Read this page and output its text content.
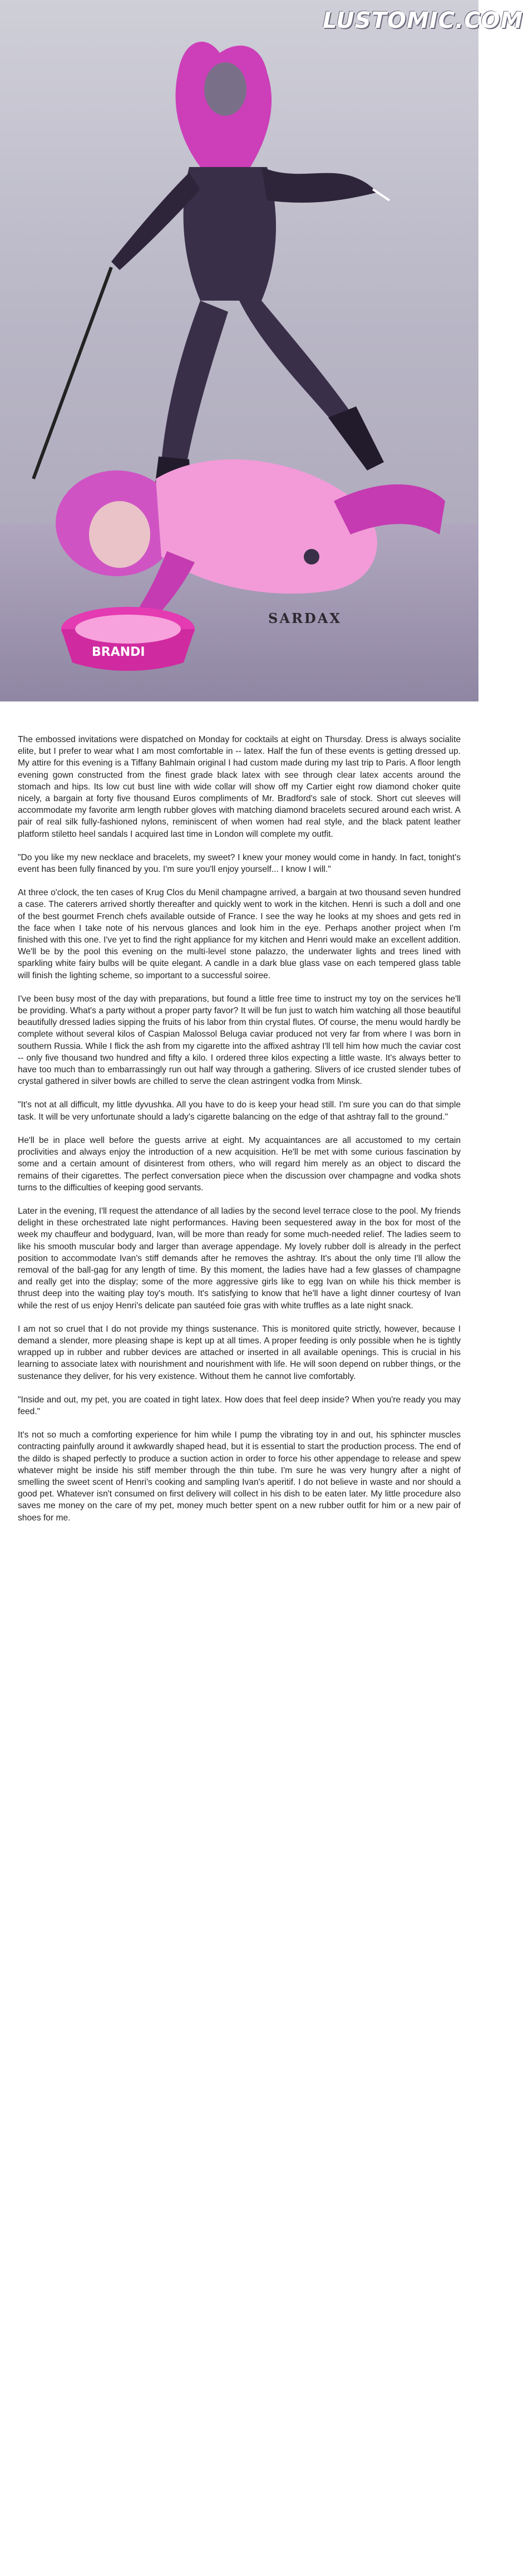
BRANDI
LUSTOMIC.COM
SARDAX

The embossed invitations were dispatched on Monday for cocktails at eight on Thursday. Dress is always socialite elite, but I prefer to wear what I am most comfortable in -- latex. Half the fun of these events is getting dressed up. My attire for this evening is a Tiffany Bahlmain original I had custom made during my last trip to Paris. A floor length evening gown constructed from the finest grade black latex with see through clear latex accents around the stomach and hips. Its low cut bust line with wide collar will show off my Cartier eight row diamond choker quite nicely, a bargain at forty five thousand Euros compliments of Mr. Bradford's sale of stock. Short cut sleeves will accommodate my favorite arm length rubber gloves with matching diamond bracelets secured around each wrist. A pair of real silk fully-fashioned nylons, reminiscent of when women had real style, and the black patent leather platform stiletto heel sandals I acquired last time in London will complete my outfit.

"Do you like my new necklace and bracelets, my sweet? I knew your money would come in handy. In fact, tonight's event has been fully financed by you. I'm sure you'll enjoy yourself... I know I will."

At three o'clock, the ten cases of Krug Clos du Menil champagne arrived, a bargain at two thousand seven hundred a case. The caterers arrived shortly thereafter and quickly went to work in the kitchen. Henri is such a doll and one of the best gourmet French chefs available outside of France. I see the way he looks at my shoes and gets red in the face when I take note of his nervous glances and look him in the eye. Perhaps another project when I'm finished with this one. I've yet to find the right appliance for my kitchen and Henri would make an excellent addition. We'll be by the pool this evening on the multi-level stone palazzo, the underwater lights and trees lined with sparkling white fairy bulbs will be quite elegant. A candle in a dark blue glass vase on each tempered glass table will finish the lighting scheme, so important to a successful soiree.

I've been busy most of the day with preparations, but found a little free time to instruct my toy on the services he'll be providing. What's a party without a proper party favor? It will be fun just to watch him watching all those beautiful beautifully dressed ladies sipping the fruits of his labor from thin crystal flutes. Of course, the menu would hardly be complete without several kilos of Caspian Malossol Beluga caviar produced not very far from where I was born in southern Russia. While I flick the ash from my cigarette into the affixed ashtray I'll tell him how much the caviar cost -- only five thousand two hundred and fifty a kilo. I ordered three kilos expecting a little waste. It's always better to have too much than to embarrassingly run out half way through a gathering. Slivers of ice crusted slender tubes of crystal gathered in silver bowls are chilled to serve the clean astringent vodka from Minsk.

"It's not at all difficult, my little dyvushka. All you have to do is keep your head still. I'm sure you can do that simple task. It will be very unfortunate should a lady's cigarette balancing on the edge of that ashtray fall to the ground."

He'll be in place well before the guests arrive at eight. My acquaintances are all accustomed to my certain proclivities and always enjoy the introduction of a new acquisition. He'll be met with some curious fascination by some and a certain amount of disinterest from others, who will regard him merely as an object to discard the remains of their cigarettes. The perfect conversation piece when the discussion over champagne and vodka shots turns to the difficulties of keeping good servants.

Later in the evening, I'll request the attendance of all ladies by the second level terrace close to the pool. My friends delight in these orchestrated late night performances. Having been sequestered away in the box for most of the week my chauffeur and bodyguard, Ivan, will be more than ready for some much-needed relief. The ladies seem to like his smooth muscular body and larger than average appendage. My lovely rubber doll is already in the perfect position to accommodate Ivan's stiff demands after he removes the ashtray. It's about the only time I'll allow the removal of the ball-gag for any length of time. By this moment, the ladies have had a few glasses of champagne and really get into the display; some of the more aggressive girls like to egg Ivan on while his thick member is thrust deep into the waiting play toy's mouth. It's satisfying to know that he'll have a light dinner courtesy of Ivan while the rest of us enjoy Henri's delicate pan sautéed foie gras with white truffles as a late night snack.

I am not so cruel that I do not provide my things sustenance. This is monitored quite strictly, however, because I demand a slender, more pleasing shape is kept up at all times. A proper feeding is only possible when he is tightly wrapped up in rubber and rubber devices are attached or inserted in all available openings. This is crucial in his learning to associate latex with nourishment and nourishment with life. He will soon depend on rubber things, or the sustenance they deliver, for his very existence. Without them he cannot live comfortably.

"Inside and out, my pet, you are coated in tight latex. How does that feel deep inside? When you're ready you may feed."

It's not so much a comforting experience for him while I pump the vibrating toy in and out, his sphincter muscles contracting painfully around it awkwardly shaped head, but it is essential to start the production process. The end of the dildo is shaped perfectly to produce a suction action in order to force his other appendage to release and spew whatever might be inside his stiff member through the thin tube. I'm sure he was very hungry after a night of smelling the sweet scent of Henri's cooking and sampling Ivan's aperitif. I do not believe in waste and nor should a good pet. Whatever isn't consumed on first delivery will collect in his dish to be eaten later. My little procedure also saves me money on the care of my pet, money much better spent on a new rubber outfit for him or a new pair of shoes for me.
